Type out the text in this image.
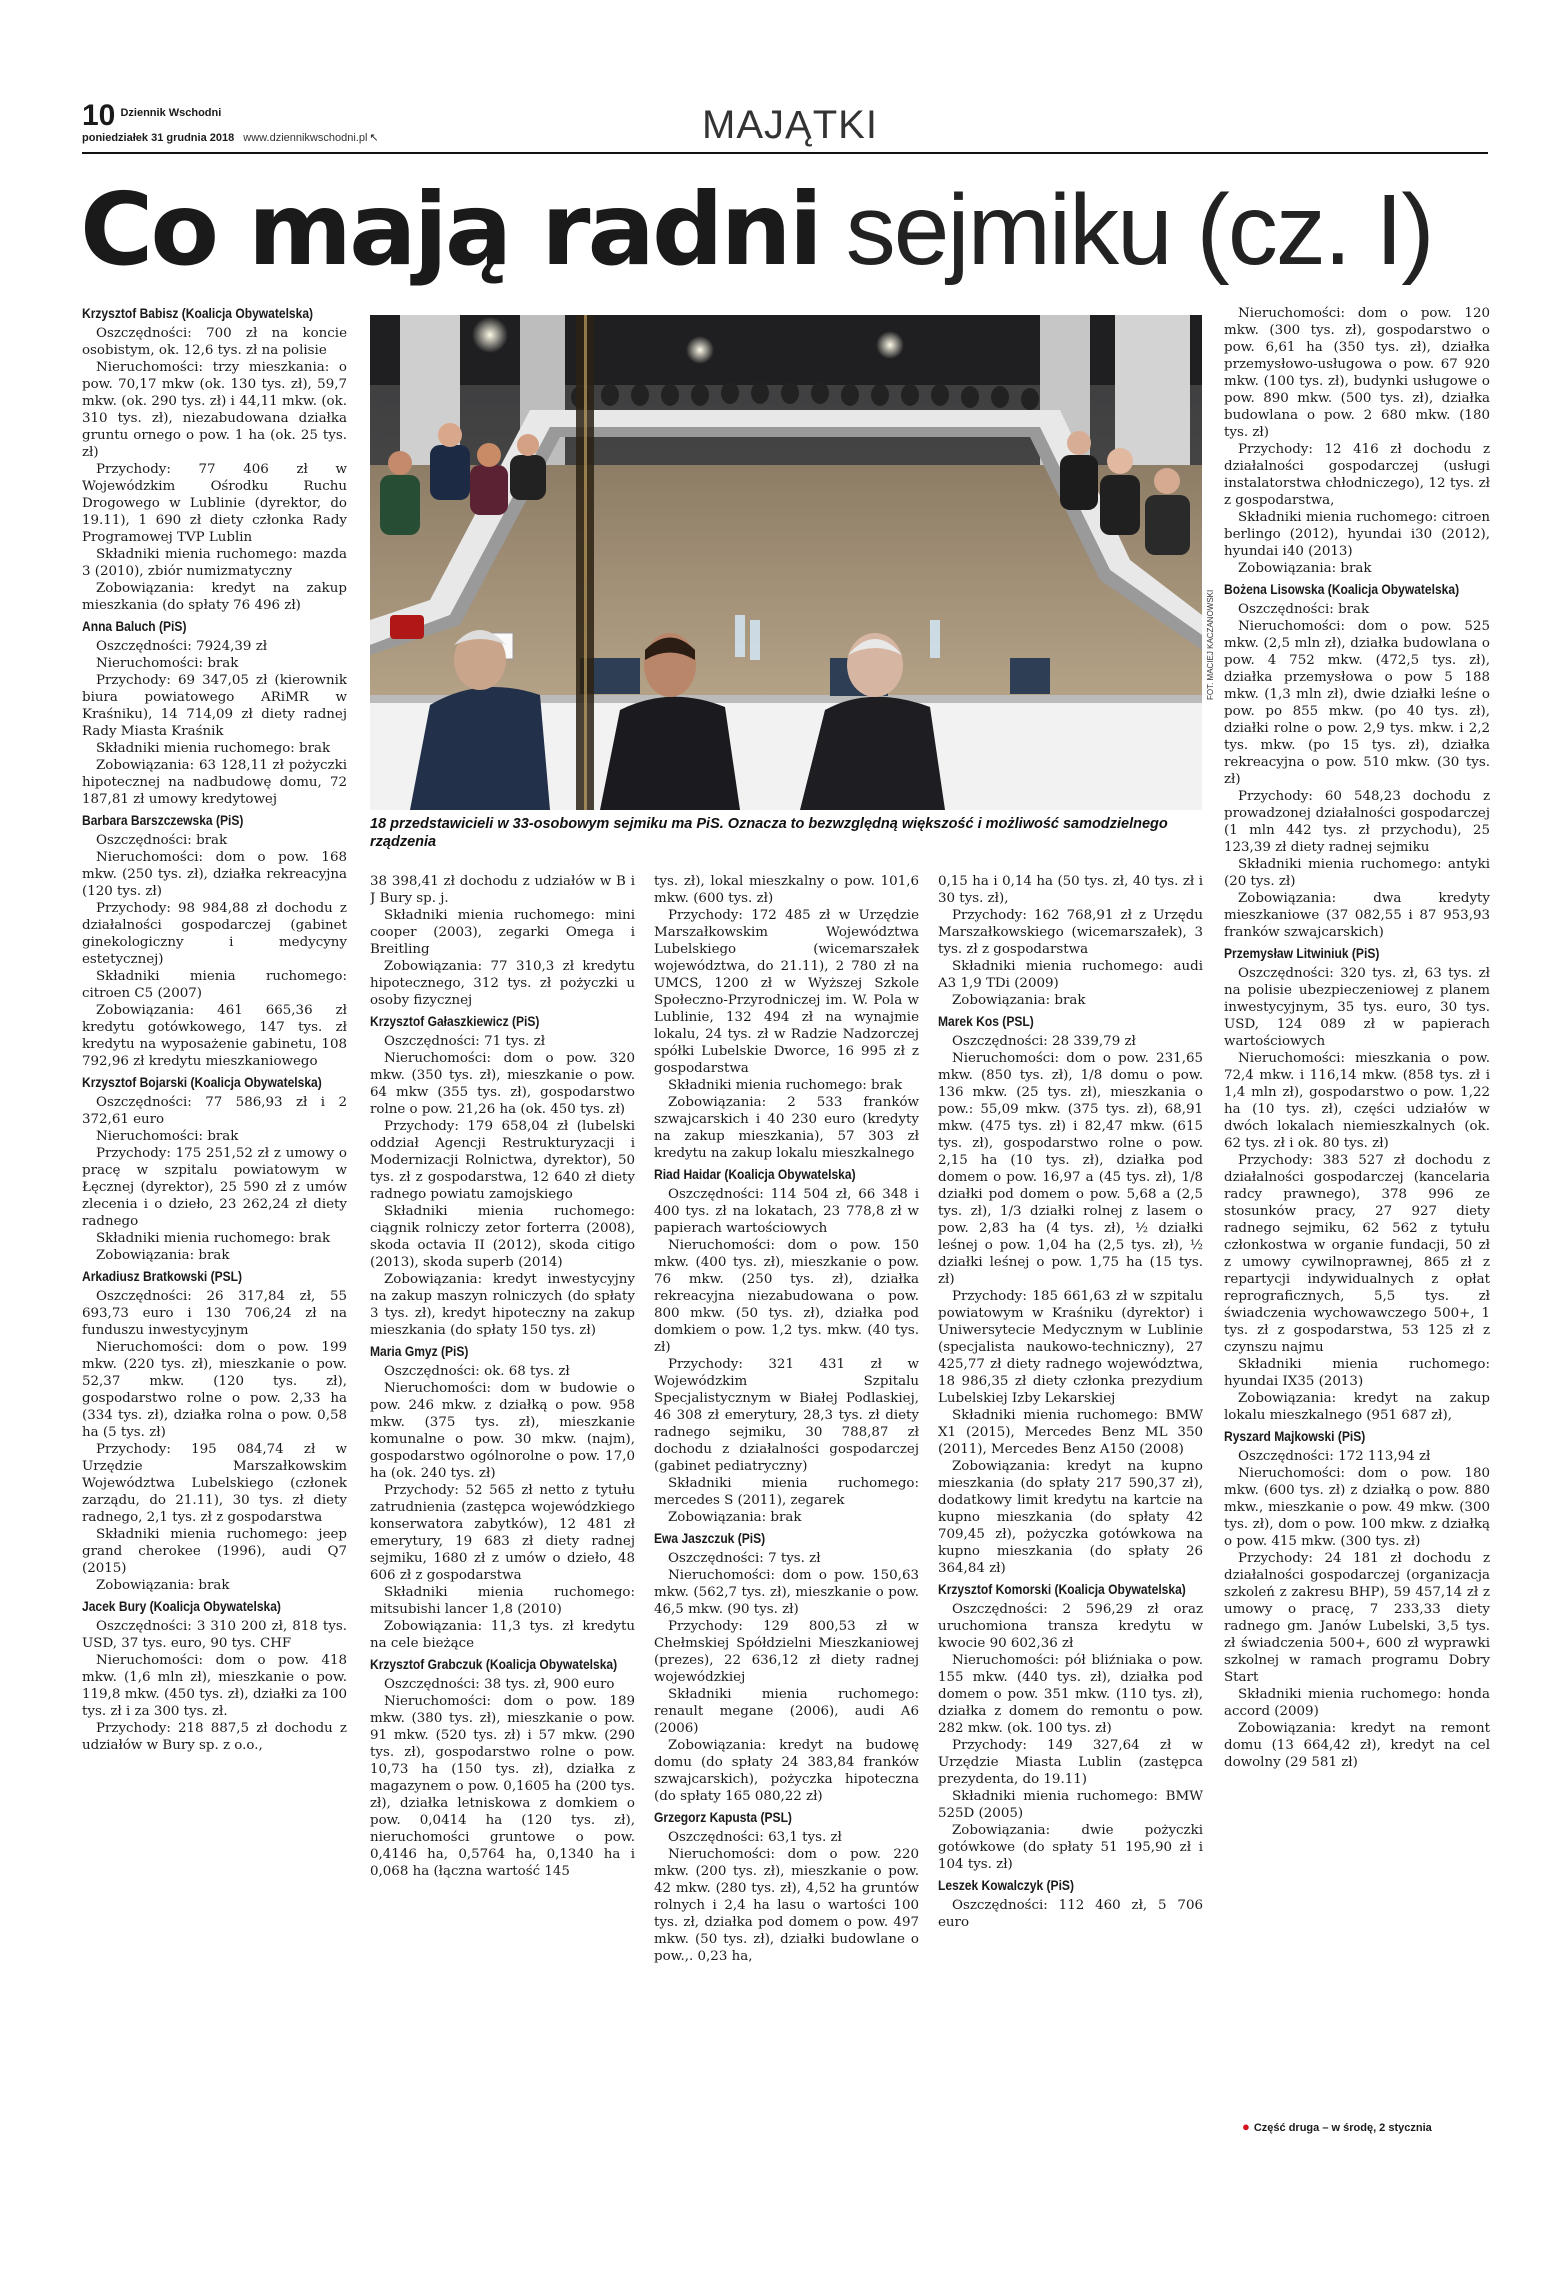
10 Dziennik Wschodni
poniedziałek 31 grudnia 2018 www.dziennikwschodni.pl ↖	MAJĄTKI
Co mają radni sejmiku (cz. I)
FOT. MACIEJ KACZANOWSKI
18 przedstawicieli w 33-osobowym sejmiku ma PiS. Oznacza to bezwzględną większość i możliwość samodzielnego rządzenia
Krzysztof Babisz (Koalicja Obywatelska)

Oszczędności: 700 zł na koncie osobistym, ok. 12,6 tys. zł na polisie

Nieruchomości: trzy mieszkania: o pow. 70,17 mkw (ok. 130 tys. zł), 59,7 mkw. (ok. 290 tys. zł) i 44,11 mkw. (ok. 310 tys. zł), niezabudowana działka gruntu ornego o pow. 1 ha (ok. 25 tys. zł)

Przychody: 77 406 zł w Wojewódzkim Ośrodku Ruchu Drogowego w Lublinie (dyrektor, do 19.11), 1 690 zł diety członka Rady Programowej TVP Lublin

Składniki mienia ruchomego: mazda 3 (2010), zbiór numizmatyczny

Zobowiązania: kredyt na zakup mieszkania (do spłaty 76 496 zł)

Anna Baluch (PiS)

Oszczędności: 7924,39 zł

Nieruchomości: brak

Przychody: 69 347,05 zł (kierownik biura powiatowego ARiMR w Kraśniku), 14 714,09 zł diety radnej Rady Miasta Kraśnik

Składniki mienia ruchomego: brak

Zobowiązania: 63 128,11 zł pożyczki hipotecznej na nadbudowę domu, 72 187,81 zł umowy kredytowej

Barbara Barszczewska (PiS)

Oszczędności: brak

Nieruchomości: dom o pow. 168 mkw. (250 tys. zł), działka rekreacyjna (120 tys. zł)

Przychody: 98 984,88 zł dochodu z działalności gospodarczej (gabinet ginekologiczny i medycyny estetycznej)

Składniki mienia ruchomego: citroen C5 (2007)

Zobowiązania: 461 665,36 zł kredytu gotówkowego, 147 tys. zł kredytu na wyposażenie gabinetu, 108 792,96 zł kredytu mieszkaniowego

Krzysztof Bojarski (Koalicja Obywatelska)

Oszczędności: 77 586,93 zł i 2 372,61 euro

Nieruchomości: brak

Przychody: 175 251,52 zł z umowy o pracę w szpitalu powiatowym w Łęcznej (dyrektor), 25 590 zł z umów zlecenia i o dzieło, 23 262,24 zł diety radnego

Składniki mienia ruchomego: brak

Zobowiązania: brak

Arkadiusz Bratkowski (PSL)

Oszczędności: 26 317,84 zł, 55 693,73 euro i 130 706,24 zł na funduszu inwestycyjnym

Nieruchomości: dom o pow. 199 mkw. (220 tys. zł), mieszkanie o pow. 52,37 mkw. (120 tys. zł), gospodarstwo rolne o pow. 2,33 ha (334 tys. zł), działka rolna o pow. 0,58 ha (5 tys. zł)

Przychody: 195 084,74 zł w Urzędzie Marszałkowskim Województwa Lubelskiego (członek zarządu, do 21.11), 30 tys. zł diety radnego, 2,1 tys. zł z gospodarstwa

Składniki mienia ruchomego: jeep grand cherokee (1996), audi Q7 (2015)

Zobowiązania: brak

Jacek Bury (Koalicja Obywatelska)

Oszczędności: 3 310 200 zł, 818 tys. USD, 37 tys. euro, 90 tys. CHF

Nieruchomości: dom o pow. 418 mkw. (1,6 mln zł), mieszkanie o pow. 119,8 mkw. (450 tys. zł), działki za 100 tys. zł i za 300 tys. zł.

Przychody: 218 887,5 zł dochodu z udziałów w Bury sp. z o.o.,

38 398,41 zł dochodu z udziałów w B i J Bury sp. j.

Składniki mienia ruchomego: mini cooper (2003), zegarki Omega i Breitling

Zobowiązania: 77 310,3 zł kredytu hipotecznego, 312 tys. zł pożyczki u osoby fizycznej

Krzysztof Gałaszkiewicz (PiS)

Oszczędności: 71 tys. zł

Nieruchomości: dom o pow. 320 mkw. (350 tys. zł), mieszkanie o pow. 64 mkw (355 tys. zł), gospodarstwo rolne o pow. 21,26 ha (ok. 450 tys. zł)

Przychody: 179 658,04 zł (lubelski oddział Agencji Restrukturyzacji i Modernizacji Rolnictwa, dyrektor), 50 tys. zł z gospodarstwa, 12 640 zł diety radnego powiatu zamojskiego

Składniki mienia ruchomego: ciągnik rolniczy zetor forterra (2008), skoda octavia II (2012), skoda citigo (2013), skoda superb (2014)

Zobowiązania: kredyt inwestycyjny na zakup maszyn rolniczych (do spłaty 3 tys. zł), kredyt hipoteczny na zakup mieszkania (do spłaty 150 tys. zł)

Maria Gmyz (PiS)

Oszczędności: ok. 68 tys. zł

Nieruchomości: dom w budowie o pow. 246 mkw. z działką o pow. 958 mkw. (375 tys. zł), mieszkanie komunalne o pow. 30 mkw. (najm), gospodarstwo ogólnorolne o pow. 17,0 ha (ok. 240 tys. zł)

Przychody: 52 565 zł netto z tytułu zatrudnienia (zastępca wojewódzkiego konserwatora zabytków), 12 481 zł emerytury, 19 683 zł diety radnej sejmiku, 1680 zł z umów o dzieło, 48 606 zł z gospodarstwa

Składniki mienia ruchomego: mitsubishi lancer 1,8 (2010)

Zobowiązania: 11,3 tys. zł kredytu na cele bieżące

Krzysztof Grabczuk (Koalicja Obywatelska)

Oszczędności: 38 tys. zł, 900 euro

Nieruchomości: dom o pow. 189 mkw. (380 tys. zł), mieszkanie o pow. 91 mkw. (520 tys. zł) i 57 mkw. (290 tys. zł), gospodarstwo rolne o pow. 10,73 ha (150 tys. zł), działka z magazynem o pow. 0,1605 ha (200 tys. zł), działka letniskowa z domkiem o pow. 0,0414 ha (120 tys. zł), nieruchomości gruntowe o pow. 0,4146 ha, 0,5764 ha, 0,1340 ha i 0,068 ha (łączna wartość 145

tys. zł), lokal mieszkalny o pow. 101,6 mkw. (600 tys. zł)

Przychody: 172 485 zł w Urzędzie Marszałkowskim Województwa Lubelskiego (wicemarszałek województwa, do 21.11), 2 780 zł na UMCS, 1200 zł w Wyższej Szkole Społeczno-Przyrodniczej im. W. Pola w Lublinie, 132 494 zł na wynajmie lokalu, 24 tys. zł w Radzie Nadzorczej spółki Lubelskie Dworce, 16 995 zł z gospodarstwa

Składniki mienia ruchomego: brak

Zobowiązania: 2 533 franków szwajcarskich i 40 230 euro (kredyty na zakup mieszkania), 57 303 zł kredytu na zakup lokalu mieszkalnego

Riad Haidar (Koalicja Obywatelska)

Oszczędności: 114 504 zł, 66 348 i 400 tys. zł na lokatach, 23 778,8 zł w papierach wartościowych

Nieruchomości: dom o pow. 150 mkw. (400 tys. zł), mieszkanie o pow. 76 mkw. (250 tys. zł), działka rekreacyjna niezabudowana o pow. 800 mkw. (50 tys. zł), działka pod domkiem o pow. 1,2 tys. mkw. (40 tys. zł)

Przychody: 321 431 zł w Wojewódzkim Szpitalu Specjalistycznym w Białej Podlaskiej, 46 308 zł emerytury, 28,3 tys. zł diety radnego sejmiku, 30 788,87 zł dochodu z działalności gospodarczej (gabinet pediatryczny)

Składniki mienia ruchomego: mercedes S (2011), zegarek

Zobowiązania: brak

Ewa Jaszczuk (PiS)

Oszczędności: 7 tys. zł

Nieruchomości: dom o pow. 150,63 mkw. (562,7 tys. zł), mieszkanie o pow. 46,5 mkw. (90 tys. zł)

Przychody: 129 800,53 zł w Chełmskiej Spółdzielni Mieszkaniowej (prezes), 22 636,12 zł diety radnej wojewódzkiej

Składniki mienia ruchomego: renault megane (2006), audi A6 (2006)

Zobowiązania: kredyt na budowę domu (do spłaty 24 383,84 franków szwajcarskich), pożyczka hipoteczna (do spłaty 165 080,22 zł)

Grzegorz Kapusta (PSL)

Oszczędności: 63,1 tys. zł

Nieruchomości: dom o pow. 220 mkw. (200 tys. zł), mieszkanie o pow. 42 mkw. (280 tys. zł), 4,52 ha gruntów rolnych i 2,4 ha lasu o wartości 100 tys. zł, działka pod domem o pow. 497 mkw. (50 tys. zł), działki budowlane o pow.,. 0,23 ha,

0,15 ha i 0,14 ha (50 tys. zł, 40 tys. zł i 30 tys. zł),

Przychody: 162 768,91 zł z Urzędu Marszałkowskiego (wicemarszałek), 3 tys. zł z gospodarstwa

Składniki mienia ruchomego: audi A3 1,9 TDi (2009)

Zobowiązania: brak

Marek Kos (PSL)

Oszczędności: 28 339,79 zł

Nieruchomości: dom o pow. 231,65 mkw. (850 tys. zł), 1/8 domu o pow. 136 mkw. (25 tys. zł), mieszkania o pow.: 55,09 mkw. (375 tys. zł), 68,91 mkw. (475 tys. zł) i 82,47 mkw. (615 tys. zł), gospodarstwo rolne o pow. 2,15 ha (10 tys. zł), działka pod domem o pow. 16,97 a (45 tys. zł), 1/8 działki pod domem o pow. 5,68 a (2,5 tys. zł), 1/3 działki rolnej z lasem o pow. 2,83 ha (4 tys. zł), ½ działki leśnej o pow. 1,04 ha (2,5 tys. zł), ½ działki leśnej o pow. 1,75 ha (15 tys. zł)

Przychody: 185 661,63 zł w szpitalu powiatowym w Kraśniku (dyrektor) i Uniwersytecie Medycznym w Lublinie (specjalista naukowo-techniczny), 27 425,77 zł diety radnego województwa, 18 986,35 zł diety członka prezydium Lubelskiej Izby Lekarskiej

Składniki mienia ruchomego: BMW X1 (2015), Mercedes Benz ML 350 (2011), Mercedes Benz A150 (2008)

Zobowiązania: kredyt na kupno mieszkania (do spłaty 217 590,37 zł), dodatkowy limit kredytu na kartcie na kupno mieszkania (do spłaty 42 709,45 zł), pożyczka gotówkowa na kupno mieszkania (do spłaty 26 364,84 zł)

Krzysztof Komorski (Koalicja Obywatelska)

Oszczędności: 2 596,29 zł oraz uruchomiona transza kredytu w kwocie 90 602,36 zł

Nieruchomości: pół bliźniaka o pow. 155 mkw. (440 tys. zł), działka pod domem o pow. 351 mkw. (110 tys. zł), działka z domem do remontu o pow. 282 mkw. (ok. 100 tys. zł)

Przychody: 149 327,64 zł w Urzędzie Miasta Lublin (zastępca prezydenta, do 19.11)

Składniki mienia ruchomego: BMW 525D (2005)

Zobowiązania: dwie pożyczki gotówkowe (do spłaty 51 195,90 zł i 104 tys. zł)

Leszek Kowalczyk (PiS)

Oszczędności: 112 460 zł, 5 706 euro

Nieruchomości: dom o pow. 120 mkw. (300 tys. zł), gospodarstwo o pow. 6,61 ha (350 tys. zł), działka przemysłowo-usługowa o pow. 67 920 mkw. (100 tys. zł), budynki usługowe o pow. 890 mkw. (500 tys. zł), działka budowlana o pow. 2 680 mkw. (180 tys. zł)

Przychody: 12 416 zł dochodu z działalności gospodarczej (usługi instalatorstwa chłodniczego), 12 tys. zł z gospodarstwa,

Składniki mienia ruchomego: citroen berlingo (2012), hyundai i30 (2012), hyundai i40 (2013)

Zobowiązania: brak

Bożena Lisowska (Koalicja Obywatelska)

Oszczędności: brak

Nieruchomości: dom o pow. 525 mkw. (2,5 mln zł), działka budowlana o pow. 4 752 mkw. (472,5 tys. zł), działka przemysłowa o pow 5 188 mkw. (1,3 mln zł), dwie działki leśne o pow. po 855 mkw. (po 40 tys. zł), działki rolne o pow. 2,9 tys. mkw. i 2,2 tys. mkw. (po 15 tys. zł), działka rekreacyjna o pow. 510 mkw. (30 tys. zł)

Przychody: 60 548,23 dochodu z prowadzonej działalności gospodarczej (1 mln 442 tys. zł przychodu), 25 123,39 zł diety radnej sejmiku

Składniki mienia ruchomego: antyki (20 tys. zł)

Zobowiązania: dwa kredyty mieszkaniowe (37 082,55 i 87 953,93 franków szwajcarskich)

Przemysław Litwiniuk (PiS)

Oszczędności: 320 tys. zł, 63 tys. zł na polisie ubezpieczeniowej z planem inwestycyjnym, 35 tys. euro, 30 tys. USD, 124 089 zł w papierach wartościowych

Nieruchomości: mieszkania o pow. 72,4 mkw. i 116,14 mkw. (858 tys. zł i 1,4 mln zł), gospodarstwo o pow. 1,22 ha (10 tys. zł), części udziałów w dwóch lokalach niemieszkalnych (ok. 62 tys. zł i ok. 80 tys. zł)

Przychody: 383 527 zł dochodu z działalności gospodarczej (kancelaria radcy prawnego), 378 996 ze stosunków pracy, 27 927 diety radnego sejmiku, 62 562 z tytułu członkostwa w organie fundacji, 50 zł z umowy cywilnoprawnej, 865 zł z repartycji indywidualnych z opłat reprograficznych, 5,5 tys. zł świadczenia wychowawczego 500+, 1 tys. zł z gospodarstwa, 53 125 zł z czynszu najmu

Składniki mienia ruchomego: hyundai IX35 (2013)

Zobowiązania: kredyt na zakup lokalu mieszkalnego (951 687 zł),

Ryszard Majkowski (PiS)

Oszczędności: 172 113,94 zł

Nieruchomości: dom o pow. 180 mkw. (600 tys. zł) z działką o pow. 880 mkw., mieszkanie o pow. 49 mkw. (300 tys. zł), dom o pow. 100 mkw. z działką o pow. 415 mkw. (300 tys. zł)

Przychody: 24 181 zł dochodu z działalności gospodarczej (organizacja szkoleń z zakresu BHP), 59 457,14 zł z umowy o pracę, 7 233,33 diety radnego gm. Janów Lubelski, 3,5 tys. zł świadczenia 500+, 600 zł wyprawki szkolnej w ramach programu Dobry Start

Składniki mienia ruchomego: honda accord (2009)

Zobowiązania: kredyt na remont domu (13 664,42 zł), kredyt na cel dowolny (29 581 zł)

● Część druga – w środę, 2 stycznia
